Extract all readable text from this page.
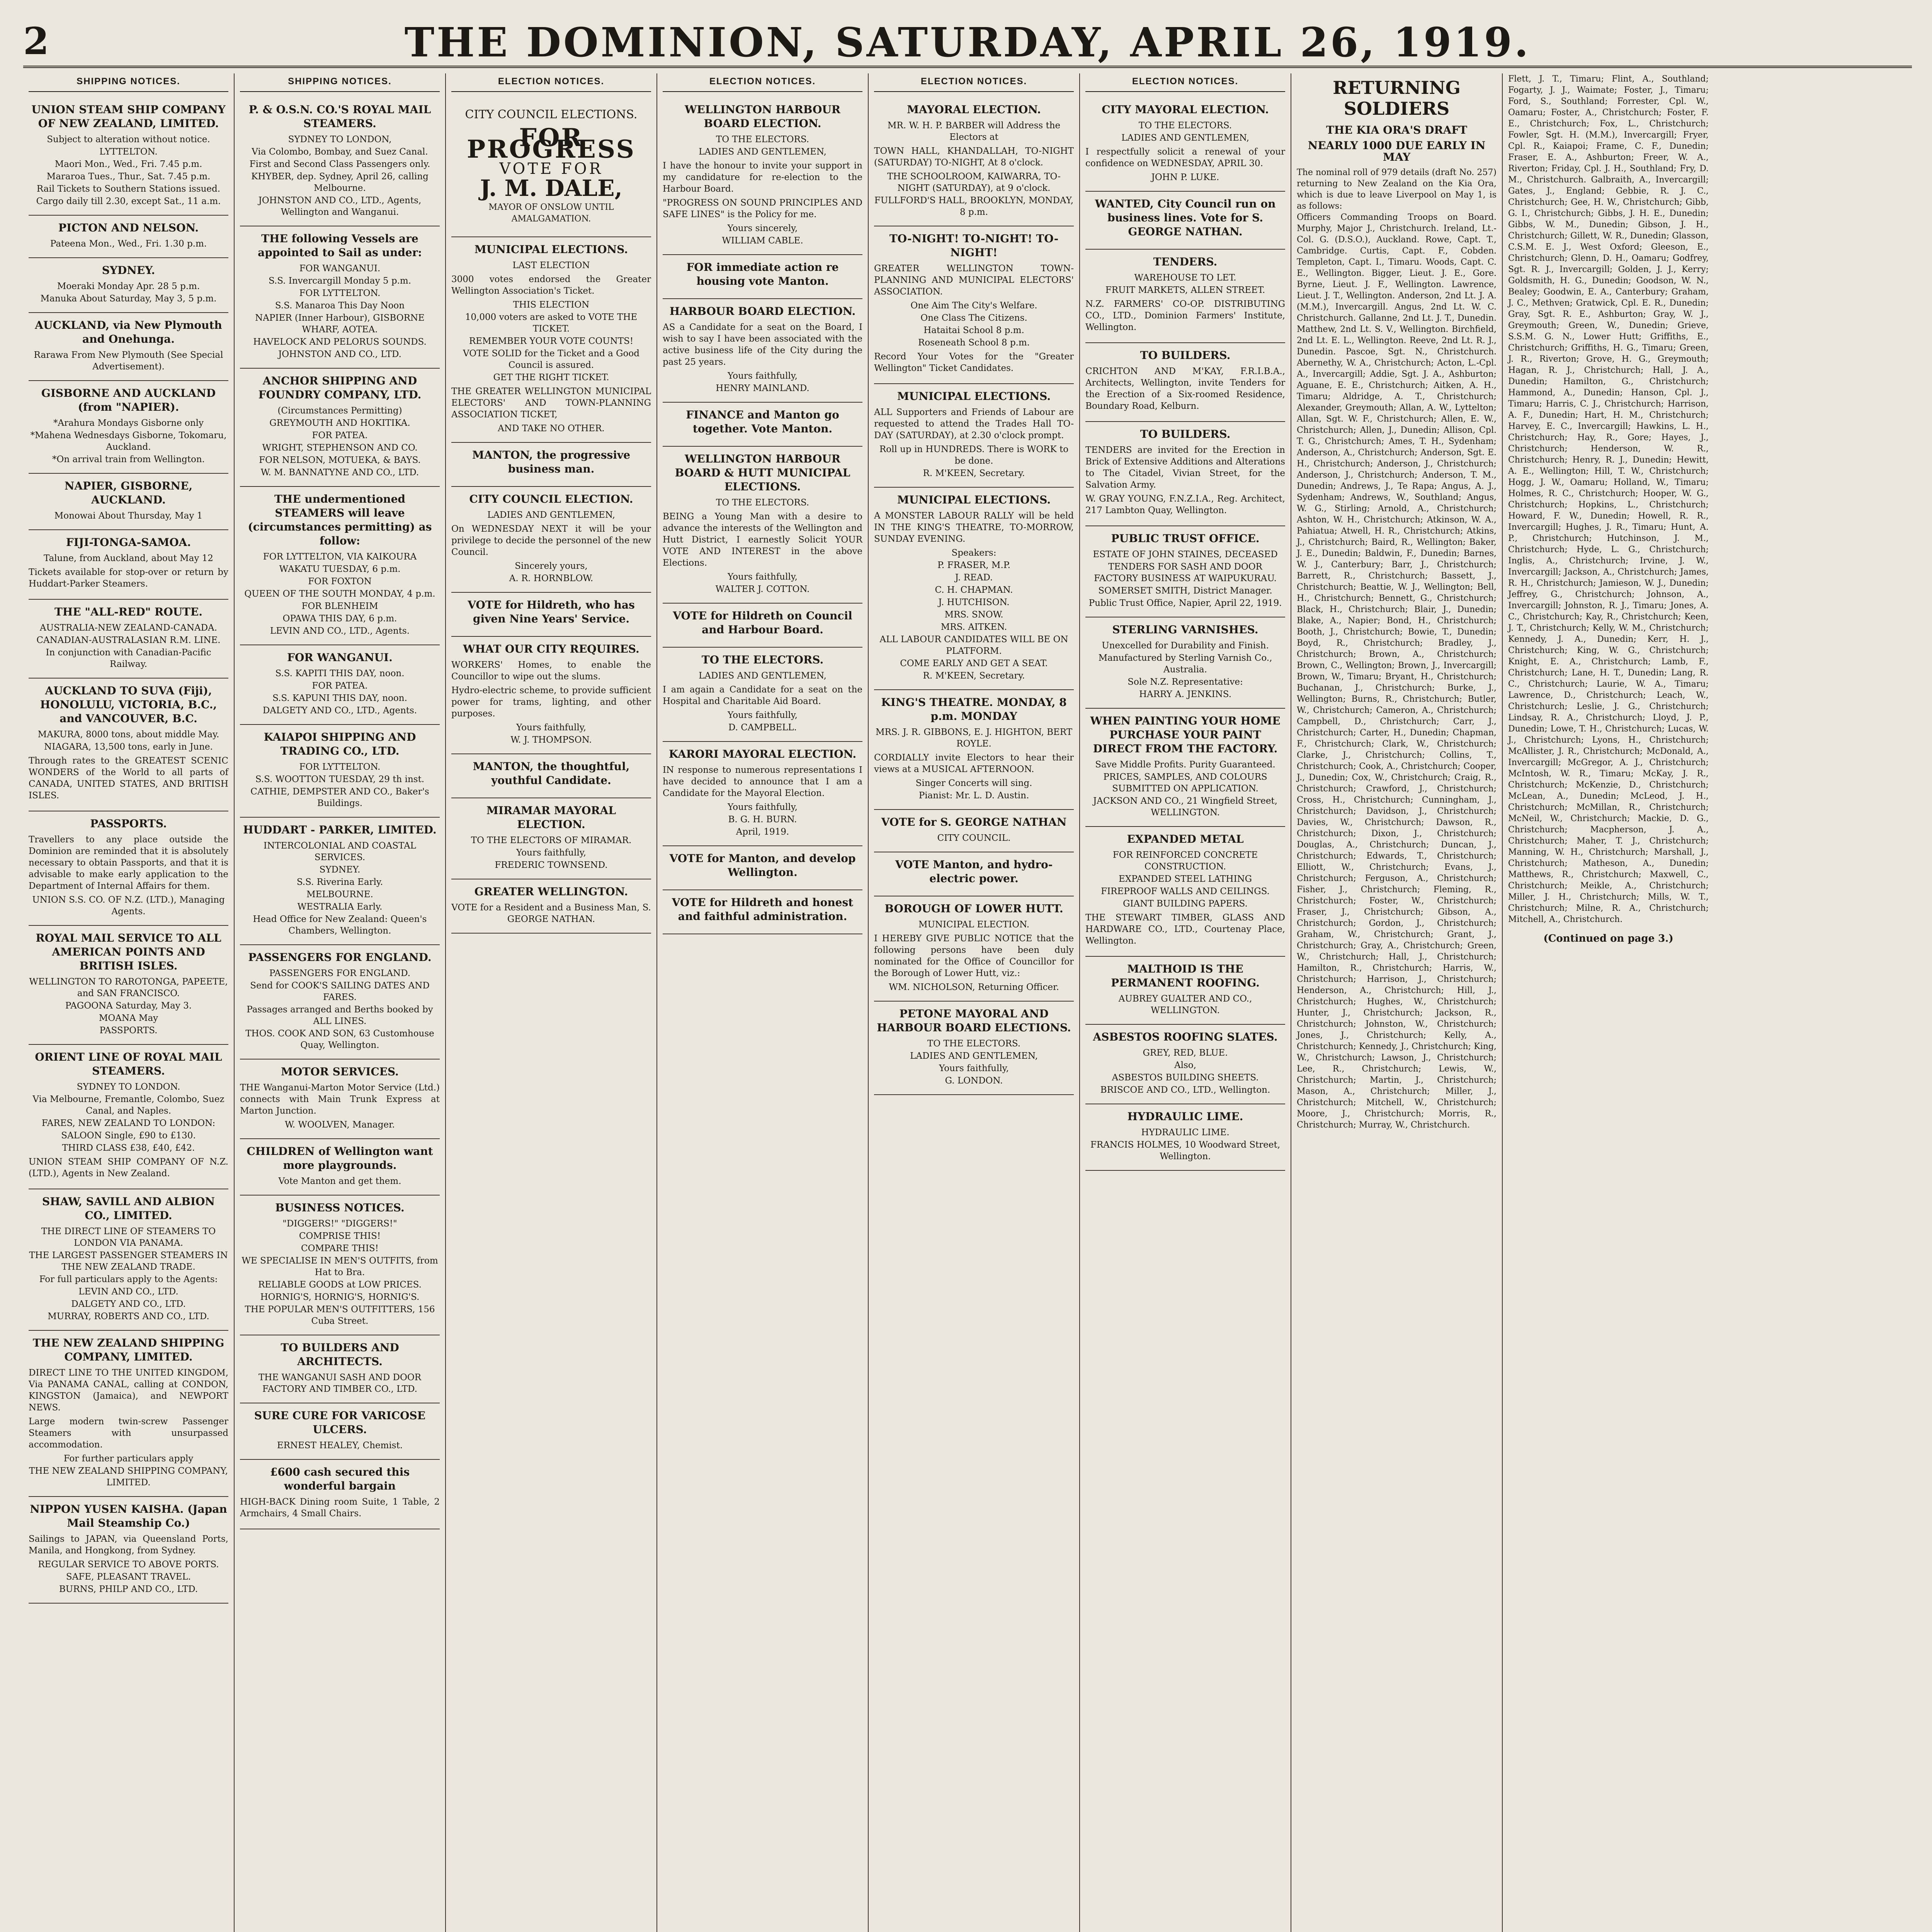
2	THE DOMINION, SATURDAY, APRIL 26, 1919.
SHIPPING NOTICES.
UNION STEAM SHIP COMPANY OF NEW ZEALAND, LIMITED.
Subject to alteration without notice.
LYTTELTON.
Maori Mon., Wed., Fri. 7.45 p.m.
Mararoa Tues., Thur., Sat. 7.45 p.m.
Rail Tickets to Southern Stations issued.
Cargo daily till 2.30, except Sat., 11 a.m.
PICTON AND NELSON.
Pateena Mon., Wed., Fri. 1.30 p.m.
SYDNEY.
Moeraki Monday Apr. 28 5 p.m.
Manuka About Saturday, May 3, 5 p.m.
AUCKLAND, via New Plymouth and Onehunga.
Rarawa From New Plymouth (See Special Advertisement).
GISBORNE AND AUCKLAND (from "NAPIER).
*Arahura Mondays Gisborne only
*Mahena Wednesdays Gisborne, Tokomaru, Auckland.
*On arrival train from Wellington.
NAPIER, GISBORNE, AUCKLAND.
Monowai About Thursday, May 1
FIJI-TONGA-SAMOA.
Talune, from Auckland, about May 12
Tickets available for stop-over or return by Huddart-Parker Steamers.
THE "ALL-RED" ROUTE.
AUSTRALIA-NEW ZEALAND-CANADA.
CANADIAN-AUSTRALASIAN R.M. LINE.
In conjunction with Canadian-Pacific Railway.
AUCKLAND TO SUVA (Fiji), HONOLULU, VICTORIA, B.C., and VANCOUVER, B.C.
MAKURA, 8000 tons, about middle May.
NIAGARA, 13,500 tons, early in June.
Through rates to the GREATEST SCENIC WONDERS of the World to all parts of CANADA, UNITED STATES, AND BRITISH ISLES.
PASSPORTS.
Travellers to any place outside the Dominion are reminded that it is absolutely necessary to obtain Passports, and that it is advisable to make early application to the Department of Internal Affairs for them.
UNION S.S. CO. OF N.Z. (LTD.), Managing Agents.
ROYAL MAIL SERVICE TO ALL AMERICAN POINTS AND BRITISH ISLES.
WELLINGTON TO RAROTONGA, PAPEETE, and SAN FRANCISCO.
PAGOONA Saturday, May 3.
MOANA May
PASSPORTS.
ORIENT LINE OF ROYAL MAIL STEAMERS.
SYDNEY TO LONDON.
Via Melbourne, Fremantle, Colombo, Suez Canal, and Naples.
FARES, NEW ZEALAND TO LONDON:
SALOON Single, £90 to £130.
THIRD CLASS £38, £40, £42.
UNION STEAM SHIP COMPANY OF N.Z. (LTD.), Agents in New Zealand.
SHAW, SAVILL AND ALBION CO., LIMITED.
THE DIRECT LINE OF STEAMERS TO LONDON VIA PANAMA.
THE LARGEST PASSENGER STEAMERS IN THE NEW ZEALAND TRADE.
For full particulars apply to the Agents:
LEVIN AND CO., LTD.
DALGETY AND CO., LTD.
MURRAY, ROBERTS AND CO., LTD.
THE NEW ZEALAND SHIPPING COMPANY, LIMITED.
DIRECT LINE TO THE UNITED KINGDOM, Via PANAMA CANAL, calling at CONDON, KINGSTON (Jamaica), and NEWPORT NEWS.
Large modern twin-screw Passenger Steamers with unsurpassed accommodation.
For further particulars apply
THE NEW ZEALAND SHIPPING COMPANY, LIMITED.
NIPPON YUSEN KAISHA. (Japan Mail Steamship Co.)
Sailings to JAPAN, via Queensland Ports, Manila, and Hongkong, from Sydney.
REGULAR SERVICE TO ABOVE PORTS.
SAFE, PLEASANT TRAVEL.
BURNS, PHILP AND CO., LTD.
SHIPPING NOTICES.
P. & O.S.N. CO.'S ROYAL MAIL STEAMERS.
SYDNEY TO LONDON,
Via Colombo, Bombay, and Suez Canal.
First and Second Class Passengers only.
KHYBER, dep. Sydney, April 26, calling Melbourne.
JOHNSTON AND CO., LTD., Agents, Wellington and Wanganui.
THE following Vessels are appointed to Sail as under:
FOR WANGANUI.
S.S. Invercargill Monday 5 p.m.
FOR LYTTELTON.
S.S. Manaroa This Day Noon
NAPIER (Inner Harbour), GISBORNE WHARF, AOTEA.
HAVELOCK AND PELORUS SOUNDS.
JOHNSTON AND CO., LTD.
ANCHOR SHIPPING AND FOUNDRY COMPANY, LTD.
(Circumstances Permitting)
GREYMOUTH AND HOKITIKA.
FOR PATEA.
WRIGHT, STEPHENSON AND CO.
FOR NELSON, MOTUEKA, & BAYS.
W. M. BANNATYNE AND CO., LTD.
THE undermentioned STEAMERS will leave (circumstances permitting) as follow:
FOR LYTTELTON, VIA KAIKOURA
WAKATU TUESDAY, 6 p.m.
FOR FOXTON
QUEEN OF THE SOUTH MONDAY, 4 p.m.
FOR BLENHEIM
OPAWA THIS DAY, 6 p.m.
LEVIN AND CO., LTD., Agents.
FOR WANGANUI.
S.S. KAPITI THIS DAY, noon.
FOR PATEA.
S.S. KAPUNI THIS DAY, noon.
DALGETY AND CO., LTD., Agents.
KAIAPOI SHIPPING AND TRADING CO., LTD.
FOR LYTTELTON.
S.S. WOOTTON TUESDAY, 29 th inst.
CATHIE, DEMPSTER AND CO., Baker's Buildings.
HUDDART - PARKER, LIMITED.
INTERCOLONIAL AND COASTAL SERVICES.
SYDNEY.
S.S. Riverina Early.
MELBOURNE.
WESTRALIA Early.
Head Office for New Zealand: Queen's Chambers, Wellington.
PASSENGERS FOR ENGLAND.
PASSENGERS FOR ENGLAND.
Send for COOK'S SAILING DATES AND FARES.
Passages arranged and Berths booked by ALL LINES.
THOS. COOK AND SON, 63 Customhouse Quay, Wellington.
MOTOR SERVICES.
THE Wanganui-Marton Motor Service (Ltd.) connects with Main Trunk Express at Marton Junction.
W. WOOLVEN, Manager.
CHILDREN of Wellington want more playgrounds.
Vote Manton and get them.
BUSINESS NOTICES.
"DIGGERS!" "DIGGERS!"
COMPRISE THIS!
COMPARE THIS!
WE SPECIALISE IN MEN'S OUTFITS, from Hat to Bra.
RELIABLE GOODS at LOW PRICES.
HORNIG'S, HORNIG'S, HORNIG'S.
THE POPULAR MEN'S OUTFITTERS, 156 Cuba Street.
TO BUILDERS AND ARCHITECTS.
THE WANGANUI SASH AND DOOR FACTORY AND TIMBER CO., LTD.
SURE CURE FOR VARICOSE ULCERS.
ERNEST HEALEY, Chemist.
£600 cash secured this wonderful bargain
HIGH-BACK Dining room Suite, 1 Table, 2 Armchairs, 4 Small Chairs.
ELECTION NOTICES.
CITY COUNCIL ELECTIONS.
FOR PROGRESS
VOTE FOR
J. M. DALE,
MAYOR OF ONSLOW UNTIL AMALGAMATION.
MUNICIPAL ELECTIONS.
LAST ELECTION
3000 votes endorsed the Greater Wellington Association's Ticket.
THIS ELECTION
10,000 voters are asked to VOTE THE TICKET.
REMEMBER YOUR VOTE COUNTS!
VOTE SOLID for the Ticket and a Good Council is assured.
GET THE RIGHT TICKET.
THE GREATER WELLINGTON MUNICIPAL ELECTORS' AND TOWN-PLANNING ASSOCIATION TICKET,
AND TAKE NO OTHER.
MANTON, the progressive business man.
CITY COUNCIL ELECTION.
LADIES AND GENTLEMEN,
On WEDNESDAY NEXT it will be your privilege to decide the personnel of the new Council.
Sincerely yours,
A. R. HORNBLOW.
VOTE for Hildreth, who has given Nine Years' Service.
WHAT OUR CITY REQUIRES.
WORKERS' Homes, to enable the Councillor to wipe out the slums.
Hydro-electric scheme, to provide sufficient power for trams, lighting, and other purposes.
Yours faithfully,
W. J. THOMPSON.
MANTON, the thoughtful, youthful Candidate.
MIRAMAR MAYORAL ELECTION.
TO THE ELECTORS OF MIRAMAR.
Yours faithfully,
FREDERIC TOWNSEND.
GREATER WELLINGTON.
VOTE for a Resident and a Business Man, S. GEORGE NATHAN.
ELECTION NOTICES.
WELLINGTON HARBOUR BOARD ELECTION.
TO THE ELECTORS.
LADIES AND GENTLEMEN,
I have the honour to invite your support in my candidature for re-election to the Harbour Board.
"PROGRESS ON SOUND PRINCIPLES AND SAFE LINES" is the Policy for me.
Yours sincerely,
WILLIAM CABLE.
FOR immediate action re housing vote Manton.
HARBOUR BOARD ELECTION.
AS a Candidate for a seat on the Board, I wish to say I have been associated with the active business life of the City during the past 25 years.
Yours faithfully,
HENRY MAINLAND.
FINANCE and Manton go together. Vote Manton.
WELLINGTON HARBOUR BOARD & HUTT MUNICIPAL ELECTIONS.
TO THE ELECTORS.
BEING a Young Man with a desire to advance the interests of the Wellington and Hutt District, I earnestly Solicit YOUR VOTE AND INTEREST in the above Elections.
Yours faithfully,
WALTER J. COTTON.
VOTE for Hildreth on Council and Harbour Board.
TO THE ELECTORS.
LADIES AND GENTLEMEN,
I am again a Candidate for a seat on the Hospital and Charitable Aid Board.
Yours faithfully,
D. CAMPBELL.
KARORI MAYORAL ELECTION.
IN response to numerous representations I have decided to announce that I am a Candidate for the Mayoral Election.
Yours faithfully,
B. G. H. BURN.
April, 1919.
VOTE for Manton, and develop Wellington.
VOTE for Hildreth and honest and faithful administration.
ELECTION NOTICES.
MAYORAL ELECTION.
MR. W. H. P. BARBER will Address the Electors at
TOWN HALL, KHANDALLAH, TO-NIGHT (SATURDAY) TO-NIGHT, At 8 o'clock.
THE SCHOOLROOM, KAIWARRA, TO-NIGHT (SATURDAY), at 9 o'clock.
FULLFORD'S HALL, BROOKLYN, MONDAY, 8 p.m.
TO-NIGHT! TO-NIGHT! TO-NIGHT!
GREATER WELLINGTON TOWN-PLANNING AND MUNICIPAL ELECTORS' ASSOCIATION.
One Aim The City's Welfare.
One Class The Citizens.
Hataitai School 8 p.m.
Roseneath School 8 p.m.
Record Your Votes for the "Greater Wellington" Ticket Candidates.
MUNICIPAL ELECTIONS.
ALL Supporters and Friends of Labour are requested to attend the Trades Hall TO-DAY (SATURDAY), at 2.30 o'clock prompt.
Roll up in HUNDREDS. There is WORK to be done.
R. M'KEEN, Secretary.
MUNICIPAL ELECTIONS.
A MONSTER LABOUR RALLY will be held IN THE KING'S THEATRE, TO-MORROW, SUNDAY EVENING.
Speakers:
P. FRASER, M.P.
J. READ.
C. H. CHAPMAN.
J. HUTCHISON.
MRS. SNOW.
MRS. AITKEN.
ALL LABOUR CANDIDATES WILL BE ON PLATFORM.
COME EARLY AND GET A SEAT.
R. M'KEEN, Secretary.
KING'S THEATRE. MONDAY, 8 p.m. MONDAY
MRS. J. R. GIBBONS, E. J. HIGHTON, BERT ROYLE.
CORDIALLY invite Electors to hear their views at a MUSICAL AFTERNOON.
Singer Concerts will sing.
Pianist: Mr. L. D. Austin.
VOTE for S. GEORGE NATHAN
CITY COUNCIL.
VOTE Manton, and hydro-electric power.
BOROUGH OF LOWER HUTT.
MUNICIPAL ELECTION.
I HEREBY GIVE PUBLIC NOTICE that the following persons have been duly nominated for the Office of Councillor for the Borough of Lower Hutt, viz.:
WM. NICHOLSON, Returning Officer.
PETONE MAYORAL AND HARBOUR BOARD ELECTIONS.
TO THE ELECTORS.
LADIES AND GENTLEMEN,
Yours faithfully,
G. LONDON.
ELECTION NOTICES.
CITY MAYORAL ELECTION.
TO THE ELECTORS.
LADIES AND GENTLEMEN,
I respectfully solicit a renewal of your confidence on WEDNESDAY, APRIL 30.
JOHN P. LUKE.
WANTED, City Council run on business lines. Vote for S. GEORGE NATHAN.
TENDERS.
WAREHOUSE TO LET.
FRUIT MARKETS, ALLEN STREET.
N.Z. FARMERS' CO-OP. DISTRIBUTING CO., LTD., Dominion Farmers' Institute, Wellington.
TO BUILDERS.
CRICHTON AND M'KAY, F.R.I.B.A., Architects, Wellington, invite Tenders for the Erection of a Six-roomed Residence, Boundary Road, Kelburn.
TO BUILDERS.
TENDERS are invited for the Erection in Brick of Extensive Additions and Alterations to The Citadel, Vivian Street, for the Salvation Army.
W. GRAY YOUNG, F.N.Z.I.A., Reg. Architect, 217 Lambton Quay, Wellington.
PUBLIC TRUST OFFICE.
ESTATE OF JOHN STAINES, DECEASED
TENDERS FOR SASH AND DOOR FACTORY BUSINESS AT WAIPUKURAU.
SOMERSET SMITH, District Manager.
Public Trust Office, Napier, April 22, 1919.
STERLING VARNISHES.
Unexcelled for Durability and Finish.
Manufactured by Sterling Varnish Co., Australia.
Sole N.Z. Representative:
HARRY A. JENKINS.
WHEN PAINTING YOUR HOME PURCHASE YOUR PAINT DIRECT FROM THE FACTORY.
Save Middle Profits. Purity Guaranteed.
PRICES, SAMPLES, AND COLOURS SUBMITTED ON APPLICATION.
JACKSON AND CO., 21 Wingfield Street, WELLINGTON.
EXPANDED METAL
FOR REINFORCED CONCRETE CONSTRUCTION.
EXPANDED STEEL LATHING
FIREPROOF WALLS AND CEILINGS.
GIANT BUILDING PAPERS.
THE STEWART TIMBER, GLASS AND HARDWARE CO., LTD., Courtenay Place, Wellington.
MALTHOID IS THE PERMANENT ROOFING.
AUBREY GUALTER AND CO., WELLINGTON.
ASBESTOS ROOFING SLATES.
GREY, RED, BLUE.
Also,
ASBESTOS BUILDING SHEETS.
BRISCOE AND CO., LTD., Wellington.
HYDRAULIC LIME.
HYDRAULIC LIME.
FRANCIS HOLMES, 10 Woodward Street, Wellington.
RETURNING SOLDIERS
THE KIA ORA'S DRAFT
NEARLY 1000 DUE EARLY IN MAY
The nominal roll of 979 details (draft No. 257) returning to New Zealand on the Kia Ora, which is due to leave Liverpool on May 1, is as follows:
Officers Commanding Troops on Board. Murphy, Major J., Christchurch. Ireland, Lt.-Col. G. (D.S.O.), Auckland. Rowe, Capt. T., Cambridge. Curtis, Capt. F., Cobden. Templeton, Capt. I., Timaru. Woods, Capt. C. E., Wellington. Bigger, Lieut. J. E., Gore. Byrne, Lieut. J. F., Wellington. Lawrence, Lieut. J. T., Wellington. Anderson, 2nd Lt. J. A. (M.M.), Invercargill. Angus, 2nd Lt. W. C. Christchurch. Gallanne, 2nd Lt. J. T., Dunedin. Matthew, 2nd Lt. S. V., Wellington. Birchfield, 2nd Lt. E. L., Wellington. Reeve, 2nd Lt. R. J., Dunedin. Pascoe, Sgt. N., Christchurch. Abernethy, W. A., Christchurch; Acton, L.-Cpl. A., Invercargill; Addie, Sgt. J. A., Ashburton; Aguane, E. E., Christchurch; Aitken, A. H., Timaru; Aldridge, A. T., Christchurch; Alexander, Greymouth; Allan, A. W., Lyttelton; Allan, Sgt. W. F., Christchurch; Allen, E. W., Christchurch; Allen, J., Dunedin; Allison, Cpl. T. G., Christchurch; Ames, T. H., Sydenham; Anderson, A., Christchurch; Anderson, Sgt. E. H., Christchurch; Anderson, J., Christchurch; Anderson, J., Christchurch; Anderson, T. M., Dunedin; Andrews, J., Te Rapa; Angus, A. J., Sydenham; Andrews, W., Southland; Angus, W. G., Stirling; Arnold, A., Christchurch; Ashton, W. H., Christchurch; Atkinson, W. A., Pahiatua; Atwell, H. R., Christchurch; Atkins, J., Christchurch; Baird, R., Wellington; Baker, J. E., Dunedin; Baldwin, F., Dunedin; Barnes, W. J., Canterbury; Barr, J., Christchurch; Barrett, R., Christchurch; Bassett, J., Christchurch; Beattie, W. J., Wellington; Bell, H., Christchurch; Bennett, G., Christchurch; Black, H., Christchurch; Blair, J., Dunedin; Blake, A., Napier; Bond, H., Christchurch; Booth, J., Christchurch; Bowie, T., Dunedin; Boyd, R., Christchurch; Bradley, J., Christchurch; Brown, A., Christchurch; Brown, C., Wellington; Brown, J., Invercargill; Brown, W., Timaru; Bryant, H., Christchurch; Buchanan, J., Christchurch; Burke, J., Wellington; Burns, R., Christchurch; Butler, W., Christchurch; Cameron, A., Christchurch; Campbell, D., Christchurch; Carr, J., Christchurch; Carter, H., Dunedin; Chapman, F., Christchurch; Clark, W., Christchurch; Clarke, J., Christchurch; Collins, T., Christchurch; Cook, A., Christchurch; Cooper, J., Dunedin; Cox, W., Christchurch; Craig, R., Christchurch; Crawford, J., Christchurch; Cross, H., Christchurch; Cunningham, J., Christchurch; Davidson, J., Christchurch; Davies, W., Christchurch; Dawson, R., Christchurch; Dixon, J., Christchurch; Douglas, A., Christchurch; Duncan, J., Christchurch; Edwards, T., Christchurch; Elliott, W., Christchurch; Evans, J., Christchurch; Ferguson, A., Christchurch; Fisher, J., Christchurch; Fleming, R., Christchurch; Foster, W., Christchurch; Fraser, J., Christchurch; Gibson, A., Christchurch; Gordon, J., Christchurch; Graham, W., Christchurch; Grant, J., Christchurch; Gray, A., Christchurch; Green, W., Christchurch; Hall, J., Christchurch; Hamilton, R., Christchurch; Harris, W., Christchurch; Harrison, J., Christchurch; Henderson, A., Christchurch; Hill, J., Christchurch; Hughes, W., Christchurch; Hunter, J., Christchurch; Jackson, R., Christchurch; Johnston, W., Christchurch; Jones, J., Christchurch; Kelly, A., Christchurch; Kennedy, J., Christchurch; King, W., Christchurch; Lawson, J., Christchurch; Lee, R., Christchurch; Lewis, W., Christchurch; Martin, J., Christchurch; Mason, A., Christchurch; Miller, J., Christchurch; Mitchell, W., Christchurch; Moore, J., Christchurch; Morris, R., Christchurch; Murray, W., Christchurch.
Flett, J. T., Timaru; Flint, A., Southland; Fogarty, J. J., Waimate; Foster, J., Timaru; Ford, S., Southland; Forrester, Cpl. W., Oamaru; Foster, A., Christchurch; Foster, F. E., Christchurch; Fox, L., Christchurch; Fowler, Sgt. H. (M.M.), Invercargill; Fryer, Cpl. R., Kaiapoi; Frame, C. F., Dunedin; Fraser, E. A., Ashburton; Freer, W. A., Riverton; Friday, Cpl. J. H., Southland; Fry, D. M., Christchurch. Galbraith, A., Invercargill; Gates, J., England; Gebbie, R. J. C., Christchurch; Gee, H. W., Christchurch; Gibb, G. I., Christchurch; Gibbs, J. H. E., Dunedin; Gibbs, W. M., Dunedin; Gibson, J. H., Christchurch; Gillett, W. R., Dunedin; Glasson, C.S.M. E. J., West Oxford; Gleeson, E., Christchurch; Glenn, D. H., Oamaru; Godfrey, Sgt. R. J., Invercargill; Golden, J. J., Kerry; Goldsmith, H. G., Dunedin; Goodson, W. N., Bealey; Goodwin, E. A., Canterbury; Graham, J. C., Methven; Gratwick, Cpl. E. R., Dunedin; Gray, Sgt. R. E., Ashburton; Gray, W. J., Greymouth; Green, W., Dunedin; Grieve, S.S.M. G. N., Lower Hutt; Griffiths, E., Christchurch; Griffiths, H. G., Timaru; Green, J. R., Riverton; Grove, H. G., Greymouth; Hagan, R. J., Christchurch; Hall, J. A., Dunedin; Hamilton, G., Christchurch; Hammond, A., Dunedin; Hanson, Cpl. J., Timaru; Harris, C. J., Christchurch; Harrison, A. F., Dunedin; Hart, H. M., Christchurch; Harvey, E. C., Invercargill; Hawkins, L. H., Christchurch; Hay, R., Gore; Hayes, J., Christchurch; Henderson, W. R., Christchurch; Henry, R. J., Dunedin; Hewitt, A. E., Wellington; Hill, T. W., Christchurch; Hogg, J. W., Oamaru; Holland, W., Timaru; Holmes, R. C., Christchurch; Hooper, W. G., Christchurch; Hopkins, L., Christchurch; Howard, F. W., Dunedin; Howell, R. R., Invercargill; Hughes, J. R., Timaru; Hunt, A. P., Christchurch; Hutchinson, J. M., Christchurch; Hyde, L. G., Christchurch; Inglis, A., Christchurch; Irvine, J. W., Invercargill; Jackson, A., Christchurch; James, R. H., Christchurch; Jamieson, W. J., Dunedin; Jeffrey, G., Christchurch; Johnson, A., Invercargill; Johnston, R. J., Timaru; Jones, A. C., Christchurch; Kay, R., Christchurch; Keen, J. T., Christchurch; Kelly, W. M., Christchurch; Kennedy, J. A., Dunedin; Kerr, H. J., Christchurch; King, W. G., Christchurch; Knight, E. A., Christchurch; Lamb, F., Christchurch; Lane, H. T., Dunedin; Lang, R. C., Christchurch; Laurie, W. A., Timaru; Lawrence, D., Christchurch; Leach, W., Christchurch; Leslie, J. G., Christchurch; Lindsay, R. A., Christchurch; Lloyd, J. P., Dunedin; Lowe, T. H., Christchurch; Lucas, W. J., Christchurch; Lyons, H., Christchurch; McAllister, J. R., Christchurch; McDonald, A., Invercargill; McGregor, A. J., Christchurch; McIntosh, W. R., Timaru; McKay, J. R., Christchurch; McKenzie, D., Christchurch; McLean, A., Dunedin; McLeod, J. H., Christchurch; McMillan, R., Christchurch; McNeil, W., Christchurch; Mackie, D. G., Christchurch; Macpherson, J. A., Christchurch; Maher, T. J., Christchurch; Manning, W. H., Christchurch; Marshall, J., Christchurch; Matheson, A., Dunedin; Matthews, R., Christchurch; Maxwell, C., Christchurch; Meikle, A., Christchurch; Miller, J. H., Christchurch; Mills, W. T., Christchurch; Milne, R. A., Christchurch; Mitchell, A., Christchurch.
(Continued on page 3.)
